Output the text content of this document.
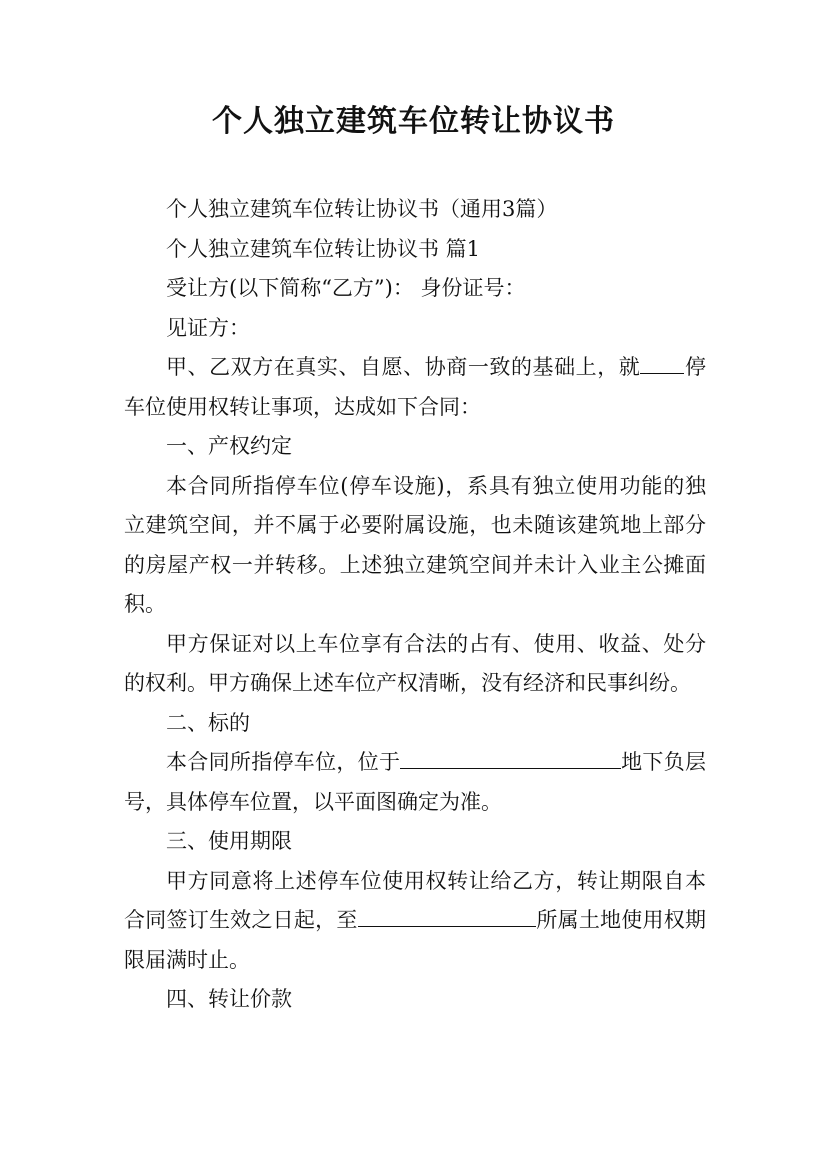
个人独立建筑车位转让协议书

个人独立建筑车位转让协议书（通用3篇）

个人独立建筑车位转让协议书 篇1

受让方(以下简称“乙方”)： 身份证号：

见证方：

甲、乙双方在真实、自愿、协商一致的基础上，就 停车位使用权转让事项，达成如下合同：

一、产权约定

本合同所指停车位(停车设施)，系具有独立使用功能的独立建筑空间，并不属于必要附属设施，也未随该建筑地上部分的房屋产权一并转移。上述独立建筑空间并未计入业主公摊面积。

甲方保证对以上车位享有合法的占有、使用、收益、处分的权利。甲方确保上述车位产权清晰，没有经济和民事纠纷。

二、标的

本合同所指停车位，位于	地下负层 号，具体停车位置，以平面图确定为准。

三、使用期限

甲方同意将上述停车位使用权转让给乙方，转让期限自本合同签订生效之日起，至	所属土地使用权期限届满时止。

四、转让价款
